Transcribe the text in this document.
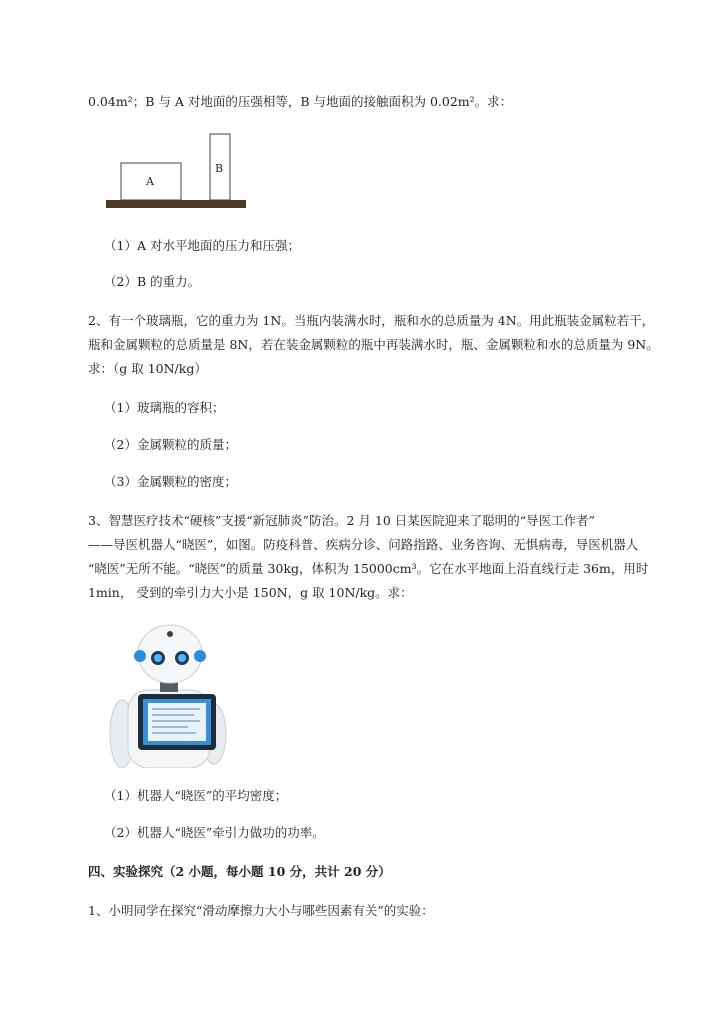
0.04m²；B 与 A 对地面的压强相等，B 与地面的接触面积为 0.02m²。求：
A
B
（1）A 对水平地面的压力和压强；
（2）B 的重力。
2、有一个玻璃瓶，它的重力为 1N。当瓶内装满水时，瓶和水的总质量为 4N。用此瓶装金属粒若干，
瓶和金属颗粒的总质量是 8N，若在装金属颗粒的瓶中再装满水时，瓶、金属颗粒和水的总质量为 9N。
求：（g 取 10N/kg）
（1）玻璃瓶的容积；
（2）金属颗粒的质量；
（3）金属颗粒的密度；
3、智慧医疗技术“硬核”支援“新冠肺炎”防治。2 月 10 日某医院迎来了聪明的“导医工作者”
——导医机器人“晓医”，如图。防疫科普、疾病分诊、问路指路、业务咨询、无惧病毒，导医机器人
“晓医”无所不能。“晓医”的质量 30kg，体积为 15000cm³。它在水平地面上沿直线行走 36m，用时
1min， 受到的牵引力大小是 150N，g 取 10N/kg。求：
（1）机器人“晓医”的平均密度；
（2）机器人“晓医”牵引力做功的功率。
四、实验探究（2 小题，每小题 10 分，共计 20 分）
1、小明同学在探究“滑动摩擦力大小与哪些因素有关”的实验：
